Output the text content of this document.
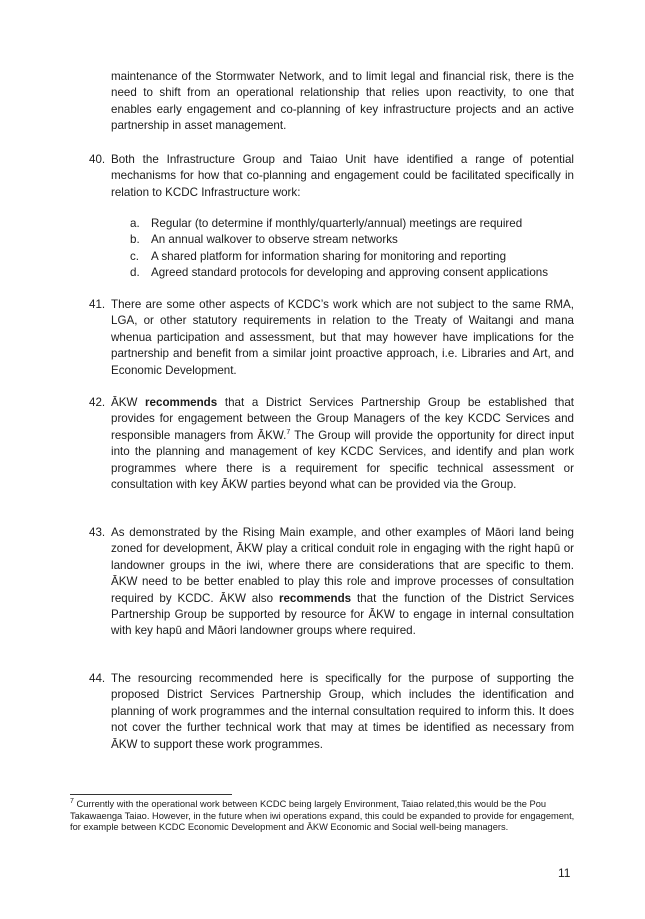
maintenance of the Stormwater Network, and to limit legal and financial risk, there is the need to shift from an operational relationship that relies upon reactivity, to one that enables early engagement and co-planning of key infrastructure projects and an active partnership in asset management.

40. Both the Infrastructure Group and Taiao Unit have identified a range of potential mechanisms for how that co-planning and engagement could be facilitated specifically in relation to KCDC Infrastructure work:

a. Regular (to determine if monthly/quarterly/annual) meetings are required
b. An annual walkover to observe stream networks
c.	A shared platform for information sharing for monitoring and reporting
d. Agreed standard protocols for developing and approving consent applications

41. There are some other aspects of KCDC’s work which are not subject to the same RMA, LGA, or other statutory requirements in relation to the Treaty of Waitangi and mana whenua participation and assessment, but that may however have implications for the partnership and benefit from a similar joint proactive approach, i.e. Libraries and Art, and Economic Development.

42. ĀKW recommends that a District Services Partnership Group be established that provides for engagement between the Group Managers of the key KCDC Services and responsible managers from ĀKW.$^7$ The Group will provide the opportunity for direct input into the planning and management of key KCDC Services, and identify and plan work programmes where there is a requirement for specific technical assessment or consultation with key ĀKW parties beyond what can be provided via the Group.

43. As demonstrated by the Rising Main example, and other examples of Māori land being zoned for development, ĀKW play a critical conduit role in engaging with the right hapū or landowner groups in the iwi, where there are considerations that are specific to them. ĀKW need to be better enabled to play this role and improve processes of consultation required by KCDC. ĀKW also recommends that the function of the District Services Partnership Group be supported by resource for ĀKW to engage in internal consultation with key hapū and Māori landowner groups where required.

44. The resourcing recommended here is specifically for the purpose of supporting the proposed District Services Partnership Group, which includes the identification and planning of work programmes and the internal consultation required to inform this. It does not cover the further technical work that may at times be identified as necessary from ĀKW to support these work programmes.

$^7$ Currently with the operational work between KCDC being largely Environment, Taiao related,this would be the Pou Takawaenga Taiao. However, in the future when iwi operations expand, this could be expanded to provide for engagement, for example between KCDC Economic Development and ĀKW Economic and Social well-being managers.

11
